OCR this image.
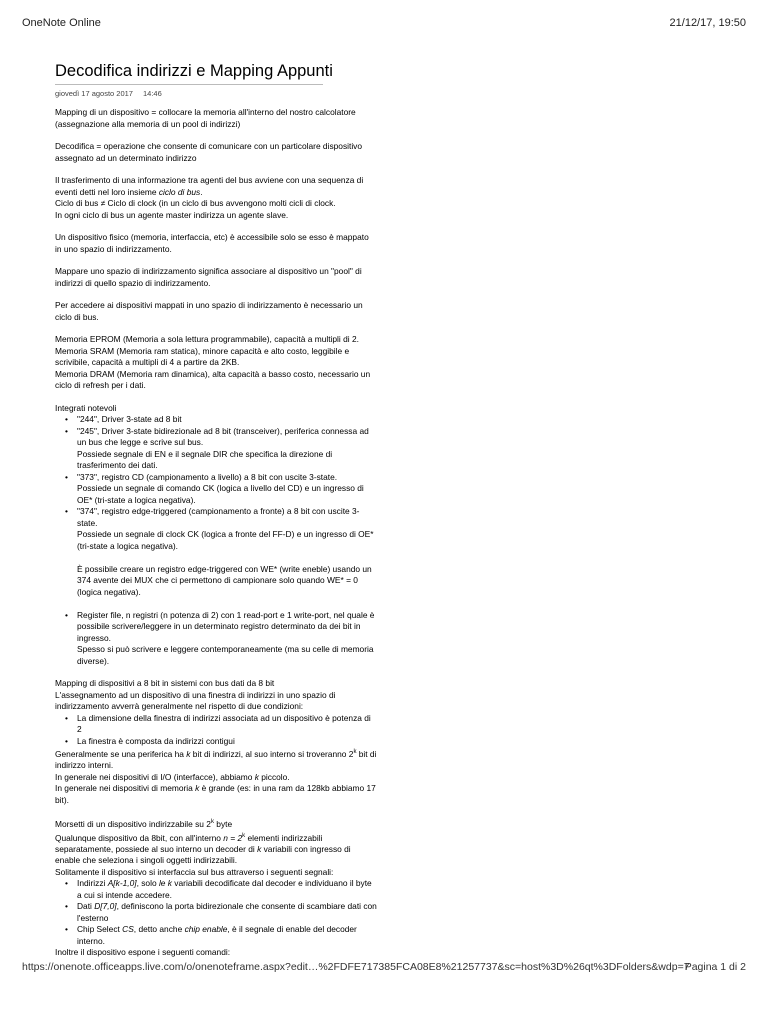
OneNote Online	21/12/17, 19:50
Decodifica indirizzi e Mapping Appunti
giovedì 17 agosto 2017 14:46

Mapping di un dispositivo = collocare la memoria all'interno del nostro calcolatore (assegnazione alla memoria di un pool di indirizzi)

Decodifica = operazione che consente di comunicare con un particolare dispositivo assegnato ad un determinato indirizzo

Il trasferimento di una informazione tra agenti del bus avviene con una sequenza di eventi detti nel loro insieme ciclo di bus.

Ciclo di bus ≠ Ciclo di clock (in un ciclo di bus avvengono molti cicli di clock.

In ogni ciclo di bus un agente master indirizza un agente slave.

Un dispositivo fisico (memoria, interfaccia, etc) è accessibile solo se esso è mappato in uno spazio di indirizzamento.

Mappare uno spazio di indirizzamento significa associare al dispositivo un "pool" di indirizzi di quello spazio di indirizzamento.

Per accedere ai dispositivi mappati in uno spazio di indirizzamento è necessario un ciclo di bus.

Memoria EPROM (Memoria a sola lettura programmabile), capacità a multipli di 2.

Memoria SRAM (Memoria ram statica), minore capacità e alto costo, leggibile e scrivibile, capacità a multipli di 4 a partire da 2KB.

Memoria DRAM (Memoria ram dinamica), alta capacità a basso costo, necessario un ciclo di refresh per i dati.

Integrati notevoli

• "244", Driver 3-state ad 8 bit
• "245", Driver 3-state bidirezionale ad 8 bit (transceiver), periferica connessa ad un bus che legge e scrive sul bus.
Possiede segnale di EN e il segnale DIR che specifica la direzione di trasferimento dei dati.
• "373", registro CD (campionamento a livello) a 8 bit con uscite 3-state.
Possiede un segnale di comando CK (logica a livello del CD) e un ingresso di OE* (tri-state a logica negativa).
• "374", registro edge-triggered (campionamento a fronte) a 8 bit con uscite 3-state.
Possiede un segnale di clock CK (logica a fronte del FF-D) e un ingresso di OE* (tri-state a logica negativa).

È possibile creare un registro edge-triggered con WE* (write eneble) usando un 374 avente dei MUX che ci permettono di campionare solo quando WE* = 0 (logica negativa).

• Register file, n registri (n potenza di 2) con 1 read-port e 1 write-port, nel quale è possibile scrivere/leggere in un determinato registro determinato da dei bit in ingresso.
Spesso si può scrivere e leggere contemporaneamente (ma su celle di memoria diverse).

Mapping di dispositivi a 8 bit in sistemi con bus dati da 8 bit

L'assegnamento ad un dispositivo di una finestra di indirizzi in uno spazio di indirizzamento avverrà generalmente nel rispetto di due condizioni:

• La dimensione della finestra di indirizzi associata ad un dispositivo è potenza di 2
• La finestra è composta da indirizzi contigui

Generalmente se una periferica ha k bit di indirizzi, al suo interno si troveranno 2$^k$ bit di indirizzo interni.

In generale nei dispositivi di I/O (interfacce), abbiamo k piccolo.

In generale nei dispositivi di memoria k è grande (es: in una ram da 128kb abbiamo 17 bit).

Morsetti di un dispositivo indirizzabile su 2$^k$ byte

Qualunque dispositivo da 8bit, con all'interno $n = 2^k$ elementi indirizzabili separatamente, possiede al suo interno un decoder di k variabili con ingresso di enable che seleziona i singoli oggetti indirizzabili.

Solitamente il dispositivo si interfaccia sul bus attraverso i seguenti segnali:

• Indirizzi A[k-1,0], solo le k variabili decodificate dal decoder e individuano il byte a cui si intende accedere.
• Dati D[7,0], definiscono la porta bidirezionale che consente di scambiare dati con l'esterno
• Chip Select CS, detto anche chip enable, è il segnale di enable del decoder interno.

Inoltre il dispositivo espone i seguenti comandi:

https://onenote.officeapps.live.com/o/onenoteframe.aspx?edit…%2FDFE717385FCA08E8%21257737&sc=host%3D%26qt%3DFolders&wdp=7
Pagina 1 di 2
